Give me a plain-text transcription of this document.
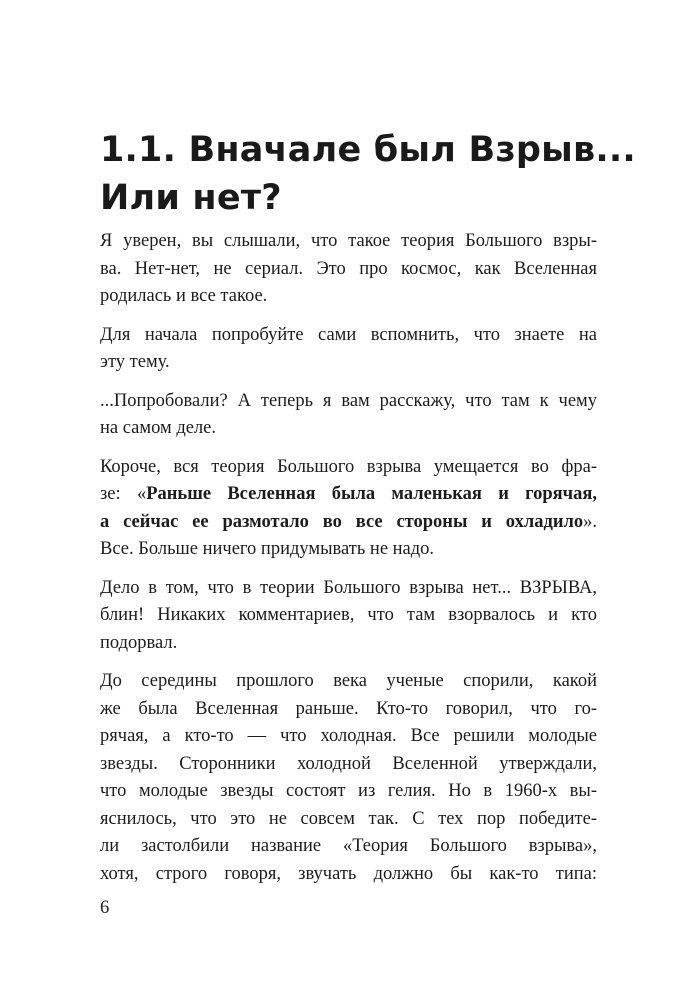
1.1. Вначале был Взрыв...
Или нет?

Я уверен, вы слышали, что такое теория Большого взры-
ва. Нет-нет, не сериал. Это про космос, как Вселенная
родилась и все такое.

Для начала попробуйте сами вспомнить, что знаете на
эту тему.

...Попробовали? А теперь я вам расскажу, что там к чему
на самом деле.

Короче, вся теория Большого взрыва умещается во фра-
зе: «Раньше Вселенная была маленькая и горячая,
а сейчас ее размотало во все стороны и охладило».
Все. Больше ничего придумывать не надо.

Дело в том, что в теории Большого взрыва нет... ВЗРЫВА,
блин! Никаких комментариев, что там взорвалось и кто
подорвал.

До середины прошлого века ученые спорили, какой
же была Вселенная раньше. Кто-то говорил, что го-
рячая, а кто-то — что холодная. Все решили молодые
звезды. Сторонники холодной Вселенной утверждали,
что молодые звезды состоят из гелия. Но в 1960-х вы-
яснилось, что это не совсем так. С тех пор победите-
ли застолбили название «Теория Большого взрыва»,
хотя, строго говоря, звучать должно бы как-то типа:

6
